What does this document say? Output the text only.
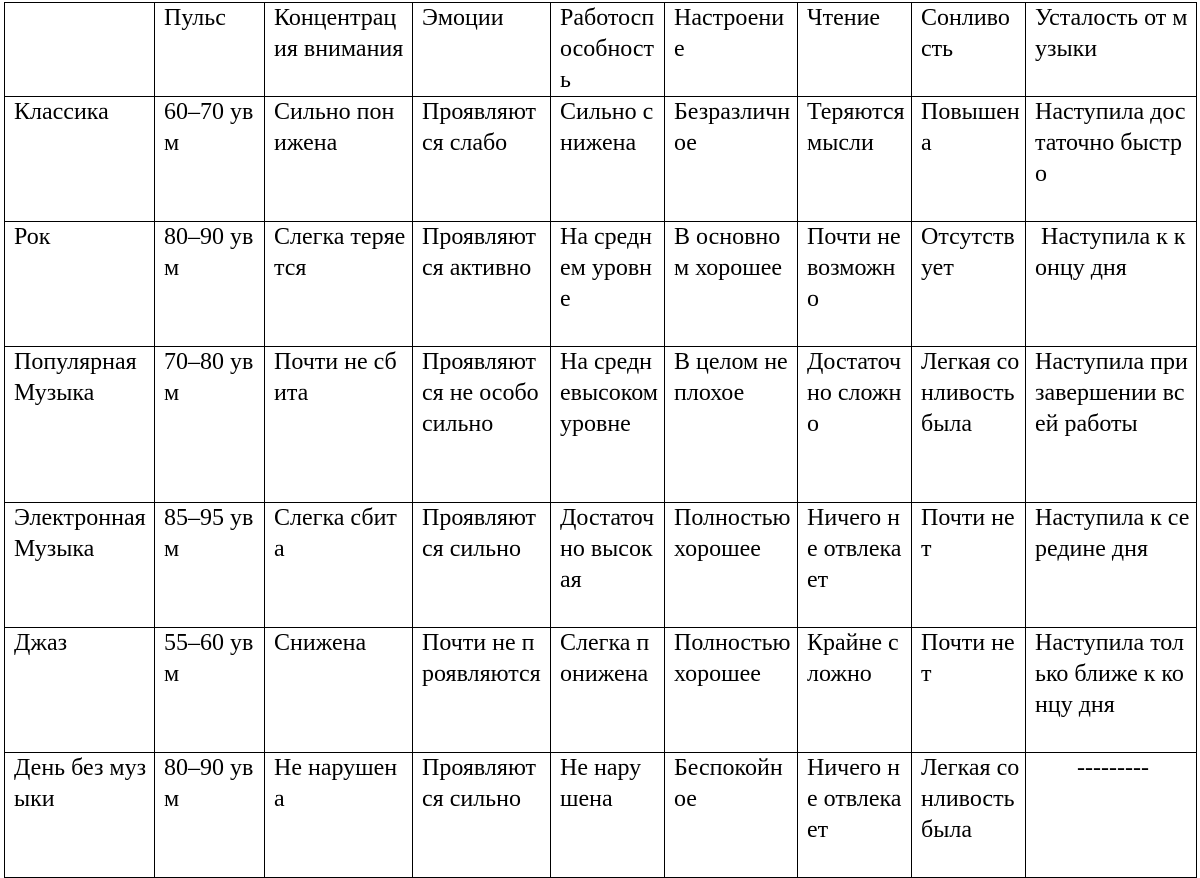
	Пульс	Концентрация внимания	Эмоции	Работоспособность	Настроение	Чтение	Сонливость	Усталость от музыки
Классика	60–70 увм	Сильно понижена	Проявляются слабо	Сильно снижена	Безразличное	Теряются мысли	Повышена	Наступила достаточно быстро
Рок	80–90 увм	Слегка теряется	Проявляются активно	На среднем уровне	В основном хорошее	Почти невозможно	Отсутствует	Наступила к концу дня
Популярная Музыка	70–80 увм	Почти не сбита	Проявляются не особо сильно	На средневысоком уровне	В целом неплохое	Достаточно сложно	Легкая сонливость была	Наступила при завершении всей работы
Электронная Музыка	85–95 увм	Слегка сбита	Проявляются сильно	Достаточно высокая	Полностью хорошее	Ничего не отвлекает	Почти нет	Наступила к середине дня
Джаз	55–60 увм	Снижена	Почти не проявляются	Слегка понижена	Полностью хорошее	Крайне сложно	Почти нет	Наступила только ближе к концу дня
День без музыки	80–90 увм	Не нарушена	Проявляются сильно	Не нарушена	Беспокойное	Ничего не отвлекает	Легкая сонливость была	---------
